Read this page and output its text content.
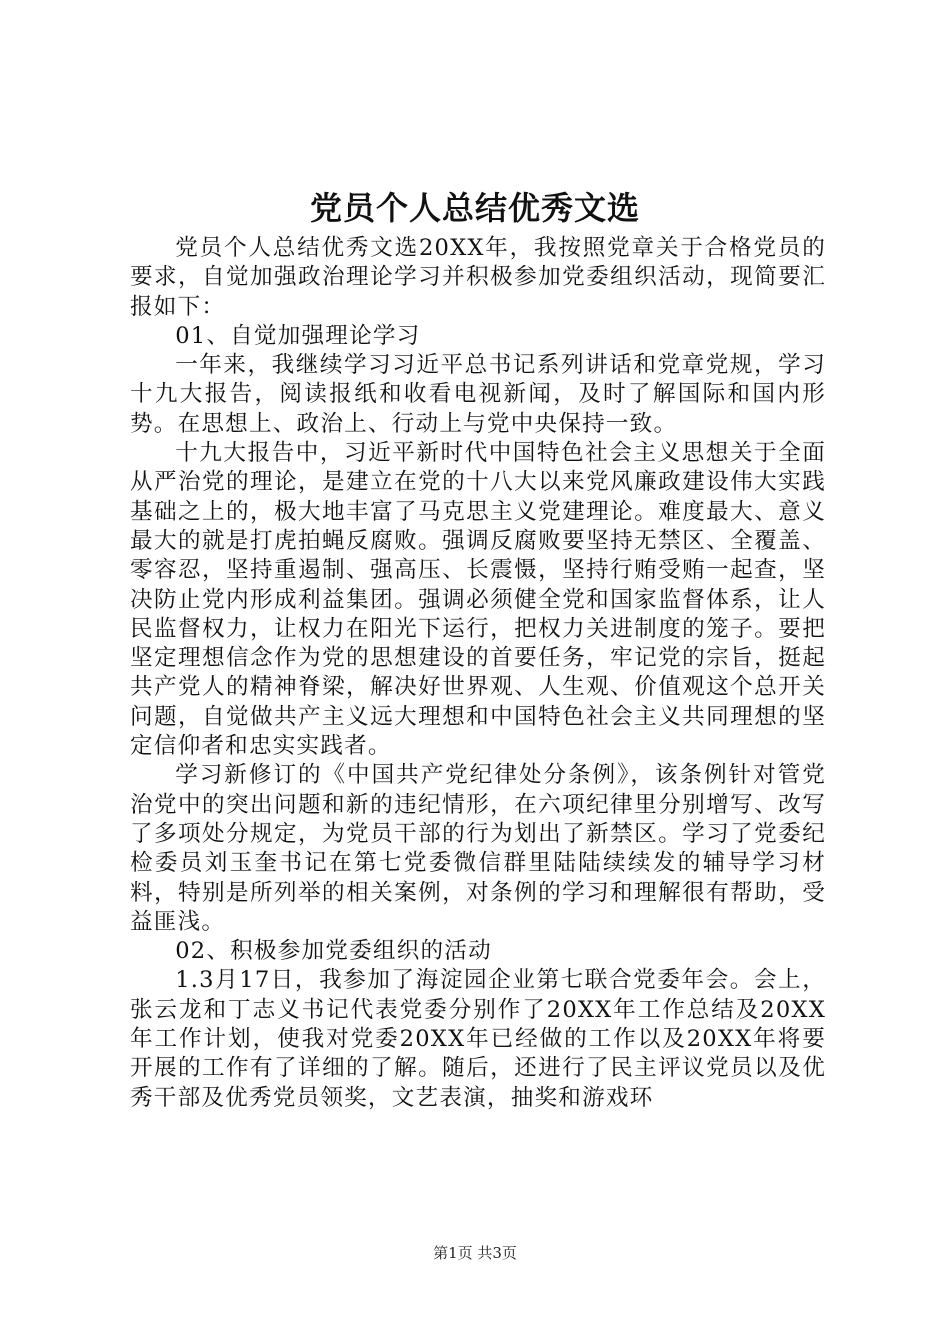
党员个人总结优秀文选

党员个人总结优秀文选20XX年，我按照党章关于合格党员的要求，自觉加强政治理论学习并积极参加党委组织活动，现简要汇报如下：

01、自觉加强理论学习

一年来，我继续学习习近平总书记系列讲话和党章党规，学习十九大报告，阅读报纸和收看电视新闻，及时了解国际和国内形势。在思想上、政治上、行动上与党中央保持一致。

十九大报告中，习近平新时代中国特色社会主义思想关于全面从严治党的理论，是建立在党的十八大以来党风廉政建设伟大实践基础之上的，极大地丰富了马克思主义党建理论。难度最大、意义最大的就是打虎拍蝇反腐败。强调反腐败要坚持无禁区、全覆盖、零容忍，坚持重遏制、强高压、长震慑，坚持行贿受贿一起查，坚决防止党内形成利益集团。强调必须健全党和国家监督体系，让人民监督权力，让权力在阳光下运行，把权力关进制度的笼子。要把坚定理想信念作为党的思想建设的首要任务，牢记党的宗旨，挺起共产党人的精神脊梁，解决好世界观、人生观、价值观这个总开关问题，自觉做共产主义远大理想和中国特色社会主义共同理想的坚定信仰者和忠实实践者。

学习新修订的《中国共产党纪律处分条例》，该条例针对管党治党中的突出问题和新的违纪情形，在六项纪律里分别增写、改写了多项处分规定，为党员干部的行为划出了新禁区。学习了党委纪检委员刘玉奎书记在第七党委微信群里陆陆续续发的辅导学习材料，特别是所列举的相关案例，对条例的学习和理解很有帮助，受益匪浅。

02、积极参加党委组织的活动

1.3月17日，我参加了海淀园企业第七联合党委年会。会上，张云龙和丁志义书记代表党委分别作了20XX年工作总结及20XX年工作计划，使我对党委20XX年已经做的工作以及20XX年将要开展的工作有了详细的了解。随后，还进行了民主评议党员以及优秀干部及优秀党员领奖，文艺表演，抽奖和游戏环

第1页 共3页
